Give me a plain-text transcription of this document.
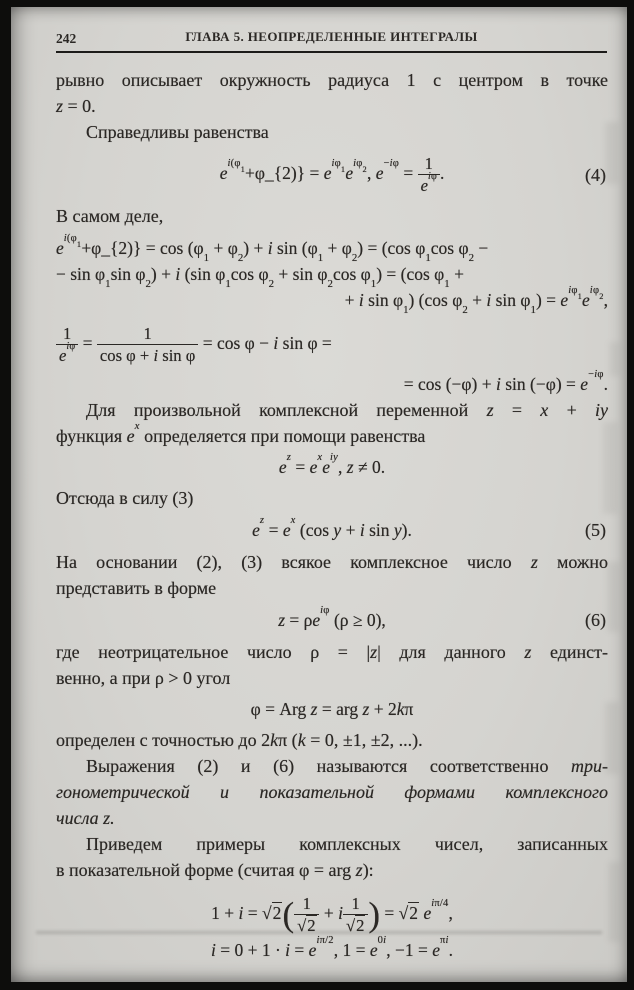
242	ГЛАВА 5. НЕОПРЕДЕЛЕННЫЕ ИНТЕГРАЛЫ
рывно описывает окружность радиуса 1 с центром в точке
z = 0.
Справедливы равенства
$e^{i(\varphi_1}+\varphi\_\{2)\} = e^{i\varphi_1}e^{i\varphi_2}$, $e^{-i\varphi} = \frac{1}{e^{i\varphi}}$ .	(4)
В самом деле,
$e^{i(\varphi_1}+\varphi\_\{2)\} = \cos (\varphi_1 + \varphi_2) + i$ $\sin (\varphi_1 + \varphi_2) = (\cos$ $\varphi_1\cos$ $\varphi_2$ −
− $\sin \varphi_1\sin$ $\varphi_2) + i$ (sin $\varphi_1\cos$ $\varphi_2 + \sin \varphi_2\cos$ $\varphi_1) = (\cos$ $\varphi_1$ +
+ i $\sin \varphi_1$) (cos $\varphi_2 + i$ $\sin \varphi_1) = e^{i\varphi_1}e^{i\varphi_2}$,
$\frac{1}{e^{i\varphi}} = \frac{1}{\text{cos φ + i sin φ}} = \cos \varphi - i$ sin φ =
= cos (−φ) + i $\sin (-\varphi) = e^{-i\varphi}$.
Для произвольной комплексной переменной z = x + iy
функция $e^x$ определяется при помощи равенства
$e^z = e^xe^{iy}$, z ≠ 0.
Отсюда в силу (3)
$e^z = e^x$ (cos y + i sin y).	(5)
На основании (2), (3) всякое комплексное число z можно
представить в форме
$z = \rho e^{i\varphi}$ (ρ ≥ 0),	(6)
где неотрицательное число ρ = |z| для данного z единст-
венно, а при ρ > 0 угол
φ = Arg z = arg z + 2kπ
определен с точностью до 2kπ (k = 0, ±1, ±2, ...).
Выражения (2) и (6) называются соответственно три-
гонометрической и показательной формами комплексного
числа z.
Приведем примеры комплексных чисел, записанных
в показательной форме (считая φ = arg z):
$1 + i = √2( \frac{1}{√2} + i \frac{1}{√2}$ ) = √2 $e^{i\pi/4}$,
$i = 0 + 1 \cdot i = e^{i\pi/2}$, $1 = e^{0i}$, $-1 = e^{\pi i}$.
